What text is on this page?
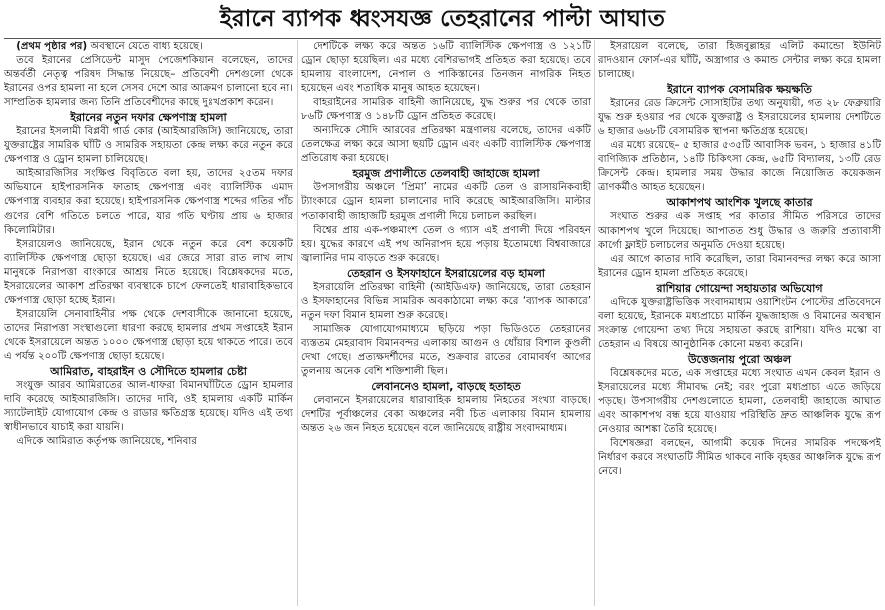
ইরানে ব্যাপক ধ্বংসযজ্ঞ তেহরানের পাল্টা আঘাত

(প্রথম পৃষ্ঠার পর) অবস্থানে যেতে বাধ্য হয়েছে।

তবে ইরানের প্রেসিডেন্ট মাসুদ পেজেশকিয়ান বলেছেন, তাদের অন্তর্বর্তী নেতৃত্ব পরিষদ সিদ্ধান্ত নিয়েছে– প্রতিবেশী দেশগুলো থেকে ইরানের ওপর হামলা না হলে সেসব দেশে আর আক্রমণ চালানো হবে না। সাম্প্রতিক হামলার জন্য তিনি প্রতিবেশীদের কাছে দুঃখপ্রকাশ করেন।

ইরানের নতুন দফার ক্ষেপণাস্ত্র হামলা

ইরানের ইসলামী বিপ্লবী গার্ড কোর (আইআরজিসি) জানিয়েছে, তারা যুক্তরাষ্ট্রের সামরিক ঘাঁটি ও সামরিক সহায়তা কেন্দ্র লক্ষ্য করে নতুন করে ক্ষেপণাস্ত্র ও ড্রোন হামলা চালিয়েছে।

আইআরজিসির সংক্ষিপ্ত বিবৃতিতে বলা হয়, তাদের ২৫তম দফার অভিযানে হাইপারসনিক ফাতাহ ক্ষেপণাস্ত্র এবং ব্যালিস্টিক এমাদ ক্ষেপণাস্ত্র ব্যবহার করা হয়েছে। হাইপারসনিক ক্ষেপণাস্ত্র শব্দের গতির পাঁচ গুণের বেশি গতিতে চলতে পারে, যার গতি ঘণ্টায় প্রায় ৬ হাজার কিলোমিটার।

ইসরায়েলও জানিয়েছে, ইরান থেকে নতুন করে বেশ কয়েকটি ব্যালিস্টিক ক্ষেপণাস্ত্র ছোড়া হয়েছে। এর জেরে সারা রাত লাখ লাখ মানুষকে নিরাপত্তা বাংকারে আশ্রয় নিতে হয়েছে। বিশ্লেষকদের মতে, ইসরায়েলের আকাশ প্রতিরক্ষা ব্যবস্থাকে চাপে ফেলতেই ধারাবাহিকভাবে ক্ষেপণাস্ত্র ছোড়া হচ্ছে ইরান।

ইসরায়েলি সেনাবাহিনীর পক্ষ থেকে দেশবাসীকে জানানো হয়েছে, তাদের নিরাপত্তা সংস্থাগুলো ধারণা করছে হামলার প্রথম সপ্তাহেই ইরান থেকে ইসরায়েলে অন্তত ১০০০ ক্ষেপণাস্ত্র ছোড়া হয়ে থাকতে পারে। তবে এ পর্যন্ত ২০০টি ক্ষেপণাস্ত্র ছোড়া হয়েছে।

আমিরাত, বাহরাইন ও সৌদিতে হামলার চেষ্টা

সংযুক্ত আরব আমিরাতের আল-ধাফরা বিমানঘাঁটিতে ড্রোন হামলার দাবি করেছে আইআরজিসি। তাদের দাবি, ওই হামলায় একটি মার্কিন স্যাটেলাইট যোগাযোগ কেন্দ্র ও রাডার ক্ষতিগ্রস্ত হয়েছে। যদিও এই তথ্য স্বাধীনভাবে যাচাই করা যায়নি।

এদিকে আমিরাত কর্তৃপক্ষ জানিয়েছে, শনিবার

দেশটিকে লক্ষ্য করে অন্তত ১৬টি ব্যালিস্টিক ক্ষেপণাস্ত্র ও ১২১টি ড্রোন ছোড়া হয়েছিল। এর মধ্যে বেশিরভাগই প্রতিহত করা হয়েছে। তবে হামলায় বাংলাদেশ, নেপাল ও পাকিস্তানের তিনজন নাগরিক নিহত হয়েছেন এবং শতাধিক মানুষ আহত হয়েছেন।

বাহরাইনের সামরিক বাহিনী জানিয়েছে, যুদ্ধ শুরুর পর থেকে তারা ৮৬টি ক্ষেপণাস্ত্র ও ১৪৮টি ড্রোন প্রতিহত করেছে।

অন্যদিকে সৌদি আরবের প্রতিরক্ষা মন্ত্রণালয় বলেছে, তাদের একটি তেলক্ষেত্র লক্ষ্য করে আসা ছয়টি ড্রোন এবং একটি ব্যালিস্টিক ক্ষেপণাস্ত্র প্রতিরোধ করা হয়েছে।

হরমুজ প্রণালীতে তেলবাহী জাহাজে হামলা

উপসাগরীয় অঞ্চলে ‘প্রিমা’ নামের একটি তেল ও রাসায়নিকবাহী ট্যাংকারে ড্রোন হামলা চালানোর দাবি করেছে আইআরজিসি। মাল্টার পতাকাবাহী জাহাজটি হরমুজ প্রণালী দিয়ে চলাচল করছিল।

বিশ্বের প্রায় এক-পঞ্চমাংশ তেল ও গ্যাস এই প্রণালী দিয়ে পরিবহন হয়। যুদ্ধের কারণে এই পথ অনিরাপদ হয়ে পড়ায় ইতোমধ্যে বিশ্ববাজারে জ্বালানির দাম বাড়তে শুরু করেছে।

তেহরান ও ইসফাহানে ইসরায়েলের বড় হামলা

ইসরায়েলি প্রতিরক্ষা বাহিনী (আইডিএফ) জানিয়েছে, তারা তেহরান ও ইসফাহানের বিভিন্ন সামরিক অবকাঠামো লক্ষ্য করে ‘ব্যাপক আকারে’ নতুন দফা বিমান হামলা শুরু করেছে।

সামাজিক যোগাযোগমাধ্যমে ছড়িয়ে পড়া ভিডিওতে তেহরানের ব্যস্ততম মেহরাবাদ বিমানবন্দর এলাকায় আগুন ও ধোঁয়ার বিশাল কুণ্ডলী দেখা গেছে। প্রত্যক্ষদর্শীদের মতে, শুক্রবার রাতের বোমাবর্ষণ আগের তুলনায় অনেক বেশি শক্তিশালী ছিল।

লেবাননেও হামলা, বাড়ছে হতাহত

লেবাননে ইসরায়েলের ধারাবাহিক হামলায় নিহতের সংখ্যা বাড়ছে। দেশটির পূর্বাঞ্চলের বেকা অঞ্চলের নবী চিত এলাকায় বিমান হামলায় অন্তত ২৬ জন নিহত হয়েছেন বলে জানিয়েছে রাষ্ট্রীয় সংবাদমাধ্যম।

ইসরায়েল বলেছে, তারা হিজবুল্লাহর এলিট কমান্ডো ইউনিট রাদওয়ান ফোর্স-এর ঘাঁটি, অস্ত্রাগার ও কমান্ড সেন্টার লক্ষ্য করে হামলা চালাচ্ছে।

ইরানে ব্যাপক বেসামরিক ক্ষয়ক্ষতি

ইরানের রেড ক্রিসেন্ট সোসাইটির তথ্য অনুযায়ী, গত ২৮ ফেব্রুয়ারি যুদ্ধ শুরু হওয়ার পর থেকে যুক্তরাষ্ট্র ও ইসরায়েলের হামলায় দেশটিতে ৬ হাজার ৬৬৮টি বেসামরিক স্থাপনা ক্ষতিগ্রস্ত হয়েছে।

এর মধ্যে রয়েছে– ৫ হাজার ৫৩৫টি আবাসিক ভবন, ১ হাজার ৪১টি বাণিজ্যিক প্রতিষ্ঠান, ১৪টি চিকিৎসা কেন্দ্র, ৬৫টি বিদ্যালয়, ১৩টি রেড ক্রিসেন্ট কেন্দ্র। হামলার সময় উদ্ধার কাজে নিয়োজিত কয়েকজন ত্রাণকর্মীও আহত হয়েছেন।

আকাশপথ আংশিক খুলছে কাতার

সংঘাত শুরুর এক সপ্তাহ পর কাতার সীমিত পরিসরে তাদের আকাশপথ খুলে দিয়েছে। আপাতত শুধু উদ্ধার ও জরুরি প্রত্যাবাসী কার্গো ফ্লাইট চলাচলের অনুমতি দেওয়া হয়েছে।

এর আগে কাতার দাবি করেছিল, তারা বিমানবন্দর লক্ষ্য করে আসা ইরানের ড্রোন হামলা প্রতিহত করেছে।

রাশিয়ার গোয়েন্দা সহায়তার অভিযোগ

এদিকে যুক্তরাষ্ট্রভিত্তিক সংবাদমাধ্যম ওয়াশিংটন পোস্টের প্রতিবেদনে বলা হয়েছে, ইরানকে মধ্যপ্রাচ্যে মার্কিন যুদ্ধজাহাজ ও বিমানের অবস্থান সংক্রান্ত গোয়েন্দা তথ্য দিয়ে সহায়তা করছে রাশিয়া। যদিও মস্কো বা তেহরান এ বিষয়ে আনুষ্ঠানিক কোনো মন্তব্য করেনি।

উত্তেজনায় পুরো অঞ্চল

বিশ্লেষকদের মতে, এক সপ্তাহের মধ্যে সংঘাত এখন কেবল ইরান ও ইসরায়েলের মধ্যে সীমাবদ্ধ নেই; বরং পুরো মধ্যপ্রাচ্য এতে জড়িয়ে পড়ছে। উপসাগরীয় দেশগুলোতে হামলা, তেলবাহী জাহাজে আঘাত এবং আকাশপথ বন্ধ হয়ে যাওয়ায় পরিস্থিতি দ্রুত আঞ্চলিক যুদ্ধে রূপ নেওয়ার আশঙ্কা তৈরি হয়েছে।

বিশেষজ্ঞরা বলছেন, আগামী কয়েক দিনের সামরিক পদক্ষেপই নির্ধারণ করবে সংঘাতটি সীমিত থাকবে নাকি বৃহত্তর আঞ্চলিক যুদ্ধে রূপ নেবে।
